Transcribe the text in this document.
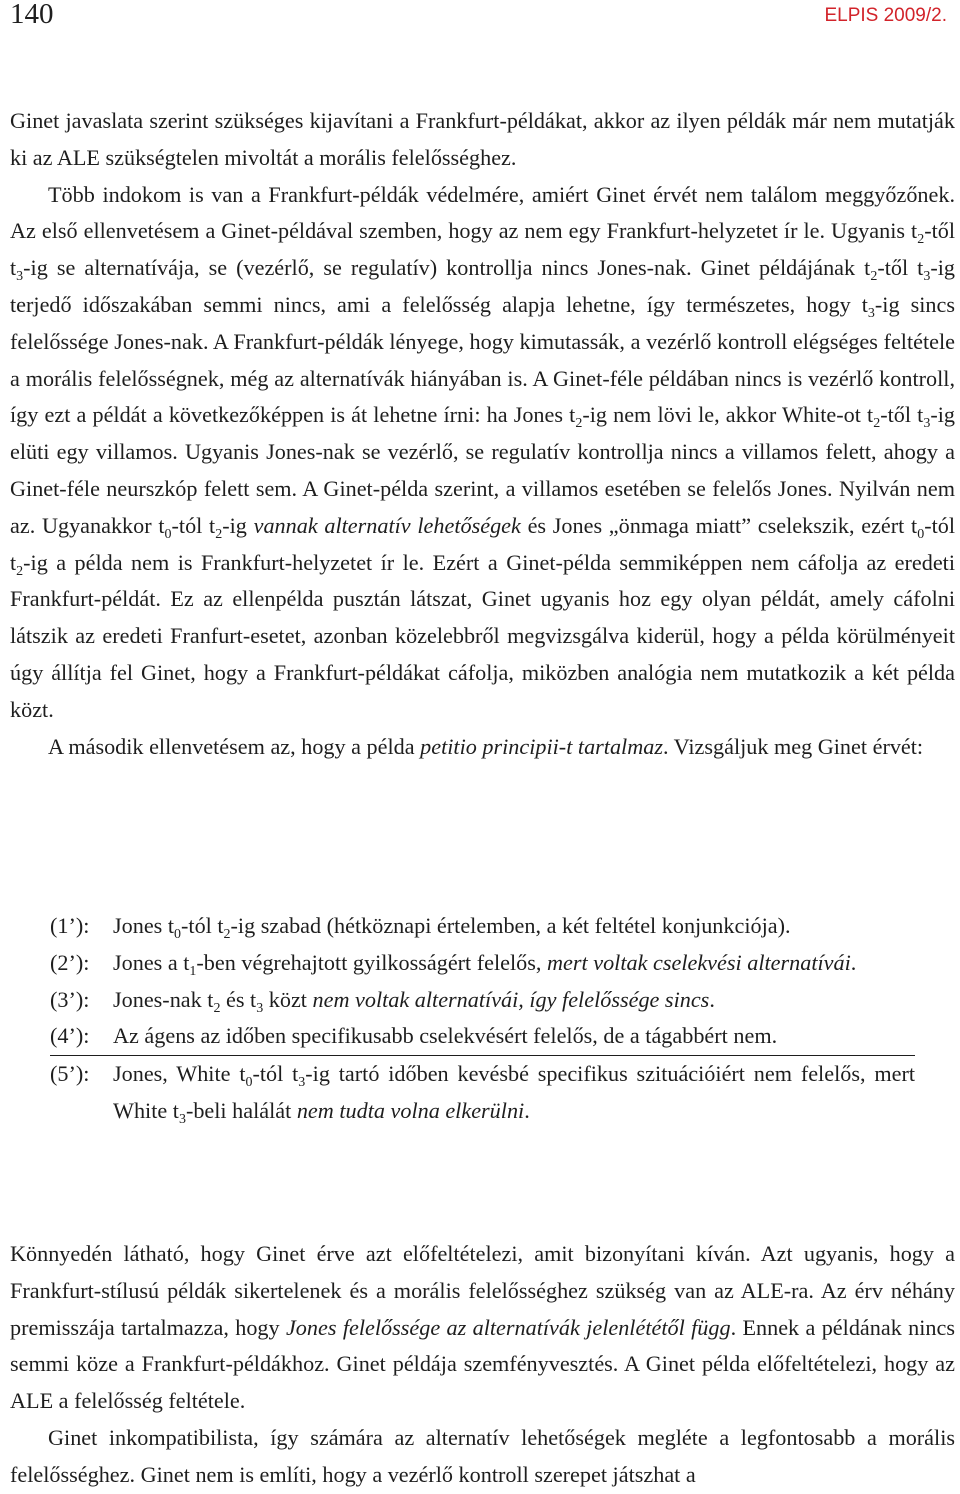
140	ELPIS 2009/2.

Ginet javaslata szerint szükséges kijavítani a Frankfurt-példákat, akkor az ilyen példák már nem mutatják ki az ALE szükségtelen mivoltát a morális felelősséghez.

Több indokom is van a Frankfurt-példák védelmére, amiért Ginet érvét nem találom meggyőzőnek. Az első ellenvetésem a Ginet-példával szemben, hogy az nem egy Frankfurt-helyzetet ír le. Ugyanis $t_2$-től $t_3-ig$ se alternatívája, se (vezérlő, se regulatív) kontrollja nincs Jones-nak. Ginet példájának $t_2$-től $t_3-ig$ terjedő időszakában semmi nincs, ami a felelősség alapja lehetne, így természetes, hogy $t_3-ig$ sincs felelőssége Jones-nak. A Frankfurt-példák lényege, hogy kimutassák, a vezérlő kontroll elégséges feltétele a morális felelősségnek, még az alternatívák hiányában is. A Ginet-féle példában nincs is vezérlő kontroll, így ezt a példát a következőképpen is át lehetne írni: ha Jones $t_2-ig$ nem lövi le, akkor White-ot $t_2$-től $t_3-ig$ elüti egy villamos. Ugyanis Jones-nak se vezérlő, se regulatív kontrollja nincs a villamos felett, ahogy a Ginet-féle neurszkóp felett sem. A Ginet-példa szerint, a villamos esetében se felelős Jones. Nyilván nem az. Ugyanakkor $t_0$-tól $t_2-ig$ vannak alternatív lehetőségek és Jones „önmaga miatt” cselekszik, ezért $t_0$-tól $t_2-ig$ a példa nem is Frankfurt-helyzetet ír le. Ezért a Ginet-példa semmiképpen nem cáfolja az eredeti Frankfurt-példát. Ez az ellenpélda pusztán látszat, Ginet ugyanis hoz egy olyan példát, amely cáfolni látszik az eredeti Franfurt-esetet, azonban közelebbről megvizsgálva kiderül, hogy a példa körülményeit úgy állítja fel Ginet, hogy a Frankfurt-példákat cáfolja, miközben analógia nem mutatkozik a két példa közt.

A második ellenvetésem az, hogy a példa petitio principii-t tartalmaz. Vizsgáljuk meg Ginet érvét:

(1’):	Jones $t_0$-tól $t_2-ig$ szabad (hétköznapi értelemben, a két feltétel konjunkciója).
(2’):	Jones a $t_1$-ben végrehajtott gyilkosságért felelős, mert voltak cselekvési alternatívái.
(3’):	Jones-nak $t_2$ és $t_3$ közt nem voltak alternatívái, így felelőssége sincs.
(4’):	Az ágens az időben specifikusabb cselekvésért felelős, de a tágabbért nem.
(5’):	Jones, White $t_0$-tól $t_3-ig$ tartó időben kevésbé specifikus szituációiért nem felelős, mert White $t_3$-beli halálát nem tudta volna elkerülni.

Könnyedén látható, hogy Ginet érve azt előfeltételezi, amit bizonyítani kíván. Azt ugyanis, hogy a Frankfurt-stílusú példák sikertelenek és a morális felelősséghez szükség van az ALE-ra. Az érv néhány premisszája tartalmazza, hogy Jones felelőssége az alternatívák jelenlététől függ. Ennek a példának nincs semmi köze a Frankfurt-példákhoz. Ginet példája szemfényvesztés. A Ginet példa előfeltételezi, hogy az ALE a felelősség feltétele.

Ginet inkompatibilista, így számára az alternatív lehetőségek megléte a legfontosabb a morális felelősséghez. Ginet nem is említi, hogy a vezérlő kontroll szerepet játszhat a
